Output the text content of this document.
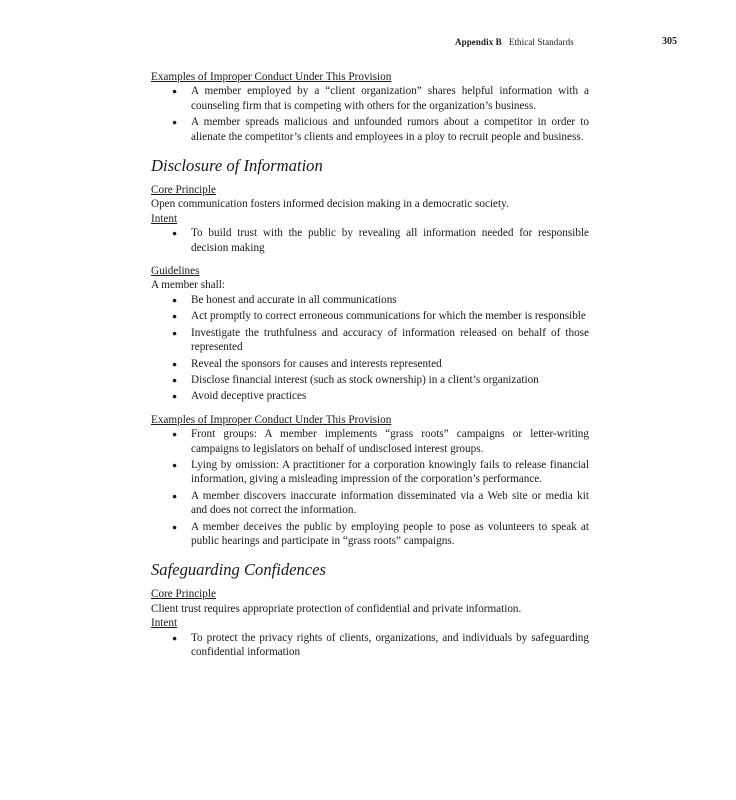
Appendix B Ethical Standards	305
Examples of Improper Conduct Under This Provision
● A member employed by a “client organization” shares helpful information with a counseling firm that is competing with others for the organization’s business.
● A member spreads malicious and unfounded rumors about a competitor in order to alienate the competitor’s clients and employees in a ploy to recruit people and business.
Disclosure of Information
Core Principle
Open communication fosters informed decision making in a democratic society.
Intent
● To build trust with the public by revealing all information needed for responsible decision making
Guidelines
A member shall:
● Be honest and accurate in all communications
● Act promptly to correct erroneous communications for which the member is responsible
● Investigate the truthfulness and accuracy of information released on behalf of those represented
● Reveal the sponsors for causes and interests represented
● Disclose financial interest (such as stock ownership) in a client’s organization
● Avoid deceptive practices
Examples of Improper Conduct Under This Provision
● Front groups: A member implements “grass roots” campaigns or letter-writing campaigns to legislators on behalf of undisclosed interest groups.
● Lying by omission: A practitioner for a corporation knowingly fails to release financial information, giving a misleading impression of the corporation’s performance.
● A member discovers inaccurate information disseminated via a Web site or media kit and does not correct the information.
● A member deceives the public by employing people to pose as volunteers to speak at public hearings and participate in “grass roots” campaigns.
Safeguarding Confidences
Core Principle
Client trust requires appropriate protection of confidential and private information.
Intent
● To protect the privacy rights of clients, organizations, and individuals by safeguarding confidential information
